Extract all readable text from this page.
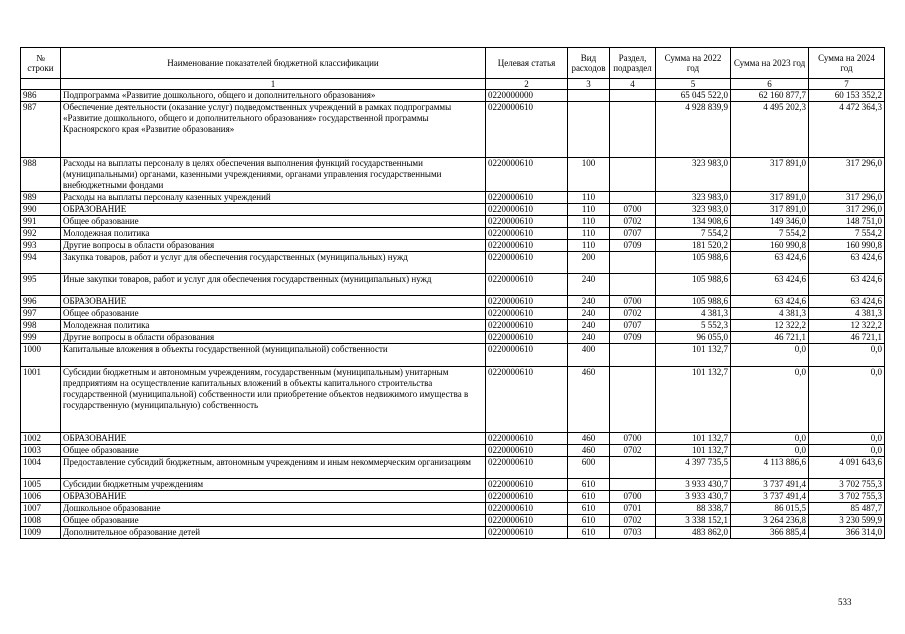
№ строки	Наименование показателей бюджетной классификации	Целевая статья	Вид расходов	Раздел, подраздел	Сумма на 2022 год	Сумма на 2023 год	Сумма на 2024 год
	1	2	3	4	5	6	7
986	Подпрограмма «Развитие дошкольного, общего и дополнительного образования»	0220000000			65 045 522,0	62 160 877,7	60 153 352,2
987	Обеспечение деятельности (оказание услуг) подведомственных учреждений в рамках подпрограммы «Развитие дошкольного, общего и дополнительного образования» государственной программы Красноярского края «Развитие образования»	0220000610			4 928 839,9	4 495 202,3	4 472 364,3
988	Расходы на выплаты персоналу в целях обеспечения выполнения функций государственными (муниципальными) органами, казенными учреждениями, органами управления государственными внебюджетными фондами	0220000610	100		323 983,0	317 891,0	317 296,0
989	Расходы на выплаты персоналу казенных учреждений	0220000610	110		323 983,0	317 891,0	317 296,0
990	ОБРАЗОВАНИЕ	0220000610	110	0700	323 983,0	317 891,0	317 296,0
991	Общее образование	0220000610	110	0702	134 908,6	149 346,0	148 751,0
992	Молодежная политика	0220000610	110	0707	7 554,2	7 554,2	7 554,2
993	Другие вопросы в области образования	0220000610	110	0709	181 520,2	160 990,8	160 990,8
994	Закупка товаров, работ и услуг для обеспечения государственных (муниципальных) нужд	0220000610	200		105 988,6	63 424,6	63 424,6
995	Иные закупки товаров, работ и услуг для обеспечения государственных (муниципальных) нужд	0220000610	240		105 988,6	63 424,6	63 424,6
996	ОБРАЗОВАНИЕ	0220000610	240	0700	105 988,6	63 424,6	63 424,6
997	Общее образование	0220000610	240	0702	4 381,3	4 381,3	4 381,3
998	Молодежная политика	0220000610	240	0707	5 552,3	12 322,2	12 322,2
999	Другие вопросы в области образования	0220000610	240	0709	96 055,0	46 721,1	46 721,1
1000	Капитальные вложения в объекты государственной (муниципальной) собственности	0220000610	400		101 132,7	0,0	0,0
1001	Субсидии бюджетным и автономным учреждениям, государственным (муниципальным) унитарным предприятиям на осуществление капитальных вложений в объекты капитального строительства государственной (муниципальной) собственности или приобретение объектов недвижимого имущества в государственную (муниципальную) собственность	0220000610	460		101 132,7	0,0	0,0
1002	ОБРАЗОВАНИЕ	0220000610	460	0700	101 132,7	0,0	0,0
1003	Общее образование	0220000610	460	0702	101 132,7	0,0	0,0
1004	Предоставление субсидий бюджетным, автономным учреждениям и иным некоммерческим организациям	0220000610	600		4 397 735,5	4 113 886,6	4 091 643,6
1005	Субсидии бюджетным учреждениям	0220000610	610		3 933 430,7	3 737 491,4	3 702 755,3
1006	ОБРАЗОВАНИЕ	0220000610	610	0700	3 933 430,7	3 737 491,4	3 702 755,3
1007	Дошкольное образование	0220000610	610	0701	88 338,7	86 015,5	85 487,7
1008	Общее образование	0220000610	610	0702	3 338 152,1	3 264 236,8	3 230 599,9
1009	Дополнительное образование детей	0220000610	610	0703	483 862,0	366 885,4	366 314,0
533
